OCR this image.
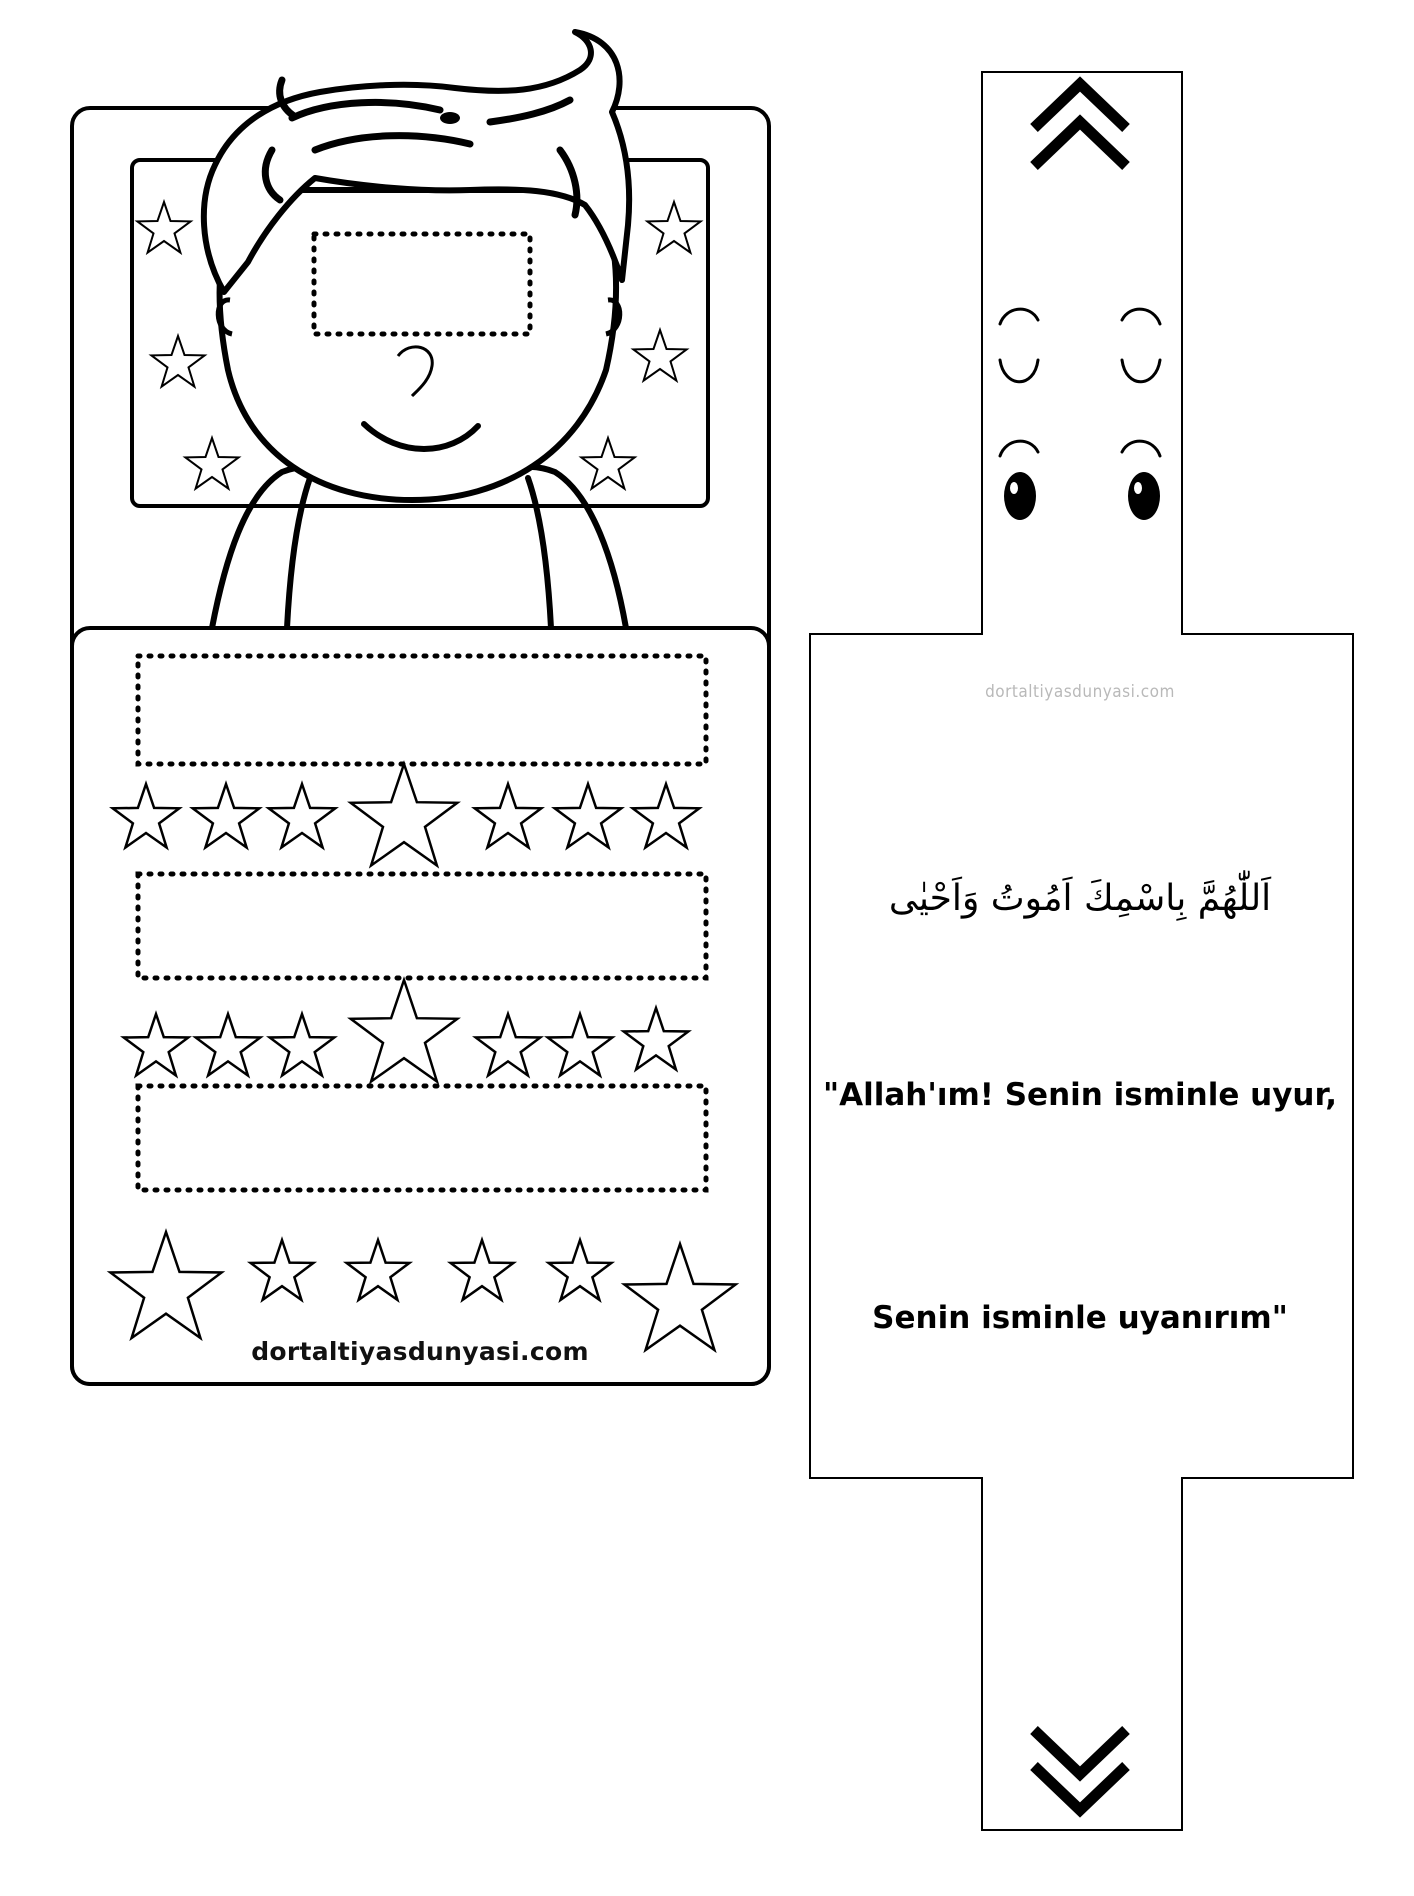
dortaltiyasdunyasi.com
dortaltiyasdunyasi.com
اَللّٰهُمَّ بِاسْمِكَ اَمُوتُ وَاَحْيٰى
"Allah'ım! Senin isminle uyur,
Senin isminle uyanırım"
